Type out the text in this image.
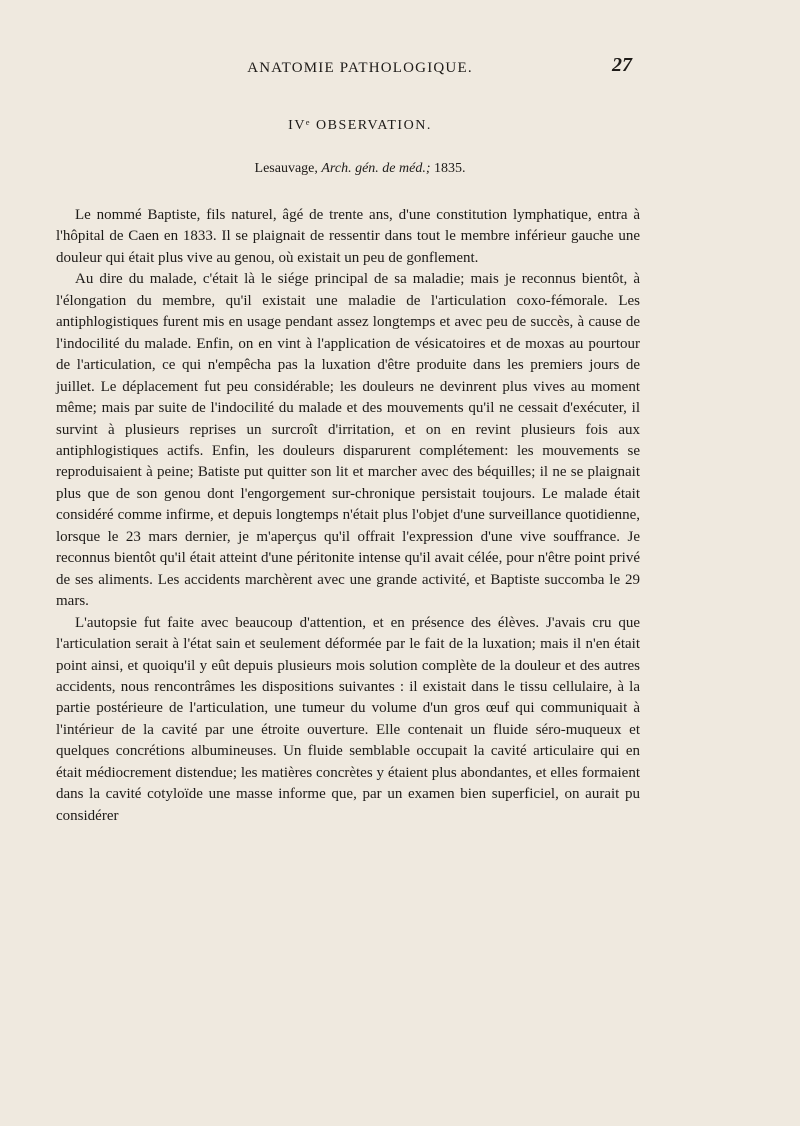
ANATOMIE PATHOLOGIQUE.	27
IVᵉ OBSERVATION.
Lesauvage, Arch. gén. de méd.; 1835.

Le nommé Baptiste, fils naturel, âgé de trente ans, d'une constitution lymphatique, entra à l'hôpital de Caen en 1833. Il se plaignait de ressentir dans tout le membre inférieur gauche une douleur qui était plus vive au genou, où existait un peu de gonflement.

Au dire du malade, c'était là le siége principal de sa maladie; mais je reconnus bientôt, à l'élongation du membre, qu'il existait une maladie de l'articulation coxo-fémorale. Les antiphlogistiques furent mis en usage pendant assez longtemps et avec peu de succès, à cause de l'indocilité du malade. Enfin, on en vint à l'application de vésicatoires et de moxas au pourtour de l'articulation, ce qui n'empêcha pas la luxation d'être produite dans les premiers jours de juillet. Le déplacement fut peu considérable; les douleurs ne devinrent plus vives au moment même; mais par suite de l'indocilité du malade et des mouvements qu'il ne cessait d'exécuter, il survint à plusieurs reprises un surcroît d'irritation, et on en revint plusieurs fois aux antiphlogistiques actifs. Enfin, les douleurs disparurent complétement: les mouvements se reproduisaient à peine; Batiste put quitter son lit et marcher avec des béquilles; il ne se plaignait plus que de son genou dont l'engorgement sur-chronique persistait toujours. Le malade était considéré comme infirme, et depuis longtemps n'était plus l'objet d'une surveillance quotidienne, lorsque le 23 mars dernier, je m'aperçus qu'il offrait l'expression d'une vive souffrance. Je reconnus bientôt qu'il était atteint d'une péritonite intense qu'il avait célée, pour n'être point privé de ses aliments. Les accidents marchèrent avec une grande activité, et Baptiste succomba le 29 mars.

L'autopsie fut faite avec beaucoup d'attention, et en présence des élèves. J'avais cru que l'articulation serait à l'état sain et seulement déformée par le fait de la luxation; mais il n'en était point ainsi, et quoiqu'il y eût depuis plusieurs mois solution complète de la douleur et des autres accidents, nous rencontrâmes les dispositions suivantes : il existait dans le tissu cellulaire, à la partie postérieure de l'articulation, une tumeur du volume d'un gros œuf qui communiquait à l'intérieur de la cavité par une étroite ouverture. Elle contenait un fluide séro-muqueux et quelques concrétions albumineuses. Un fluide semblable occupait la cavité articulaire qui en était médiocrement distendue; les matières concrètes y étaient plus abondantes, et elles formaient dans la cavité cotyloïde une masse informe que, par un examen bien superficiel, on aurait pu considérer
